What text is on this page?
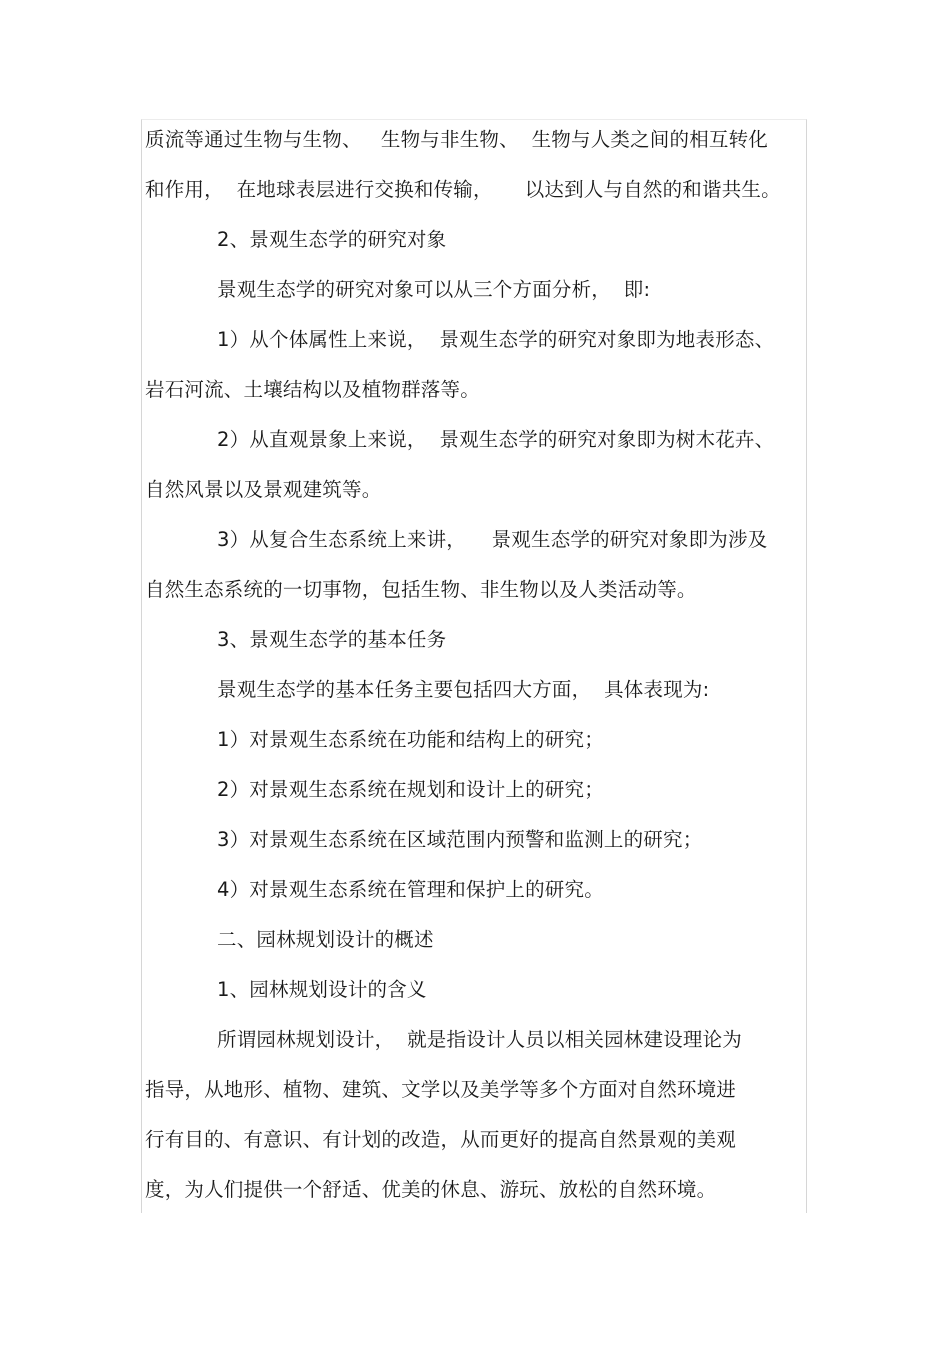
质流等通过生物与生物、   生物与非生物、  生物与人类之间的相互转化
和作用，  在地球表层进行交换和传输，     以达到人与自然的和谐共生。
2、景观生态学的研究对象
景观生态学的研究对象可以从三个方面分析，  即:
1）从个体属性上来说，  景观生态学的研究对象即为地表形态、
岩石河流、土壤结构以及植物群落等。
2）从直观景象上来说，  景观生态学的研究对象即为树木花卉、
自然风景以及景观建筑等。
3）从复合生态系统上来讲，    景观生态学的研究对象即为涉及
自然生态系统的一切事物，包括生物、非生物以及人类活动等。
3、景观生态学的基本任务
景观生态学的基本任务主要包括四大方面，  具体表现为:
1）对景观生态系统在功能和结构上的研究；
2）对景观生态系统在规划和设计上的研究；
3）对景观生态系统在区域范围内预警和监测上的研究；
4）对景观生态系统在管理和保护上的研究。
二、园林规划设计的概述
1、园林规划设计的含义
所谓园林规划设计，  就是指设计人员以相关园林建设理论为
指导，从地形、植物、建筑、文学以及美学等多个方面对自然环境进
行有目的、有意识、有计划的改造，从而更好的提高自然景观的美观
度，为人们提供一个舒适、优美的休息、游玩、放松的自然环境。
